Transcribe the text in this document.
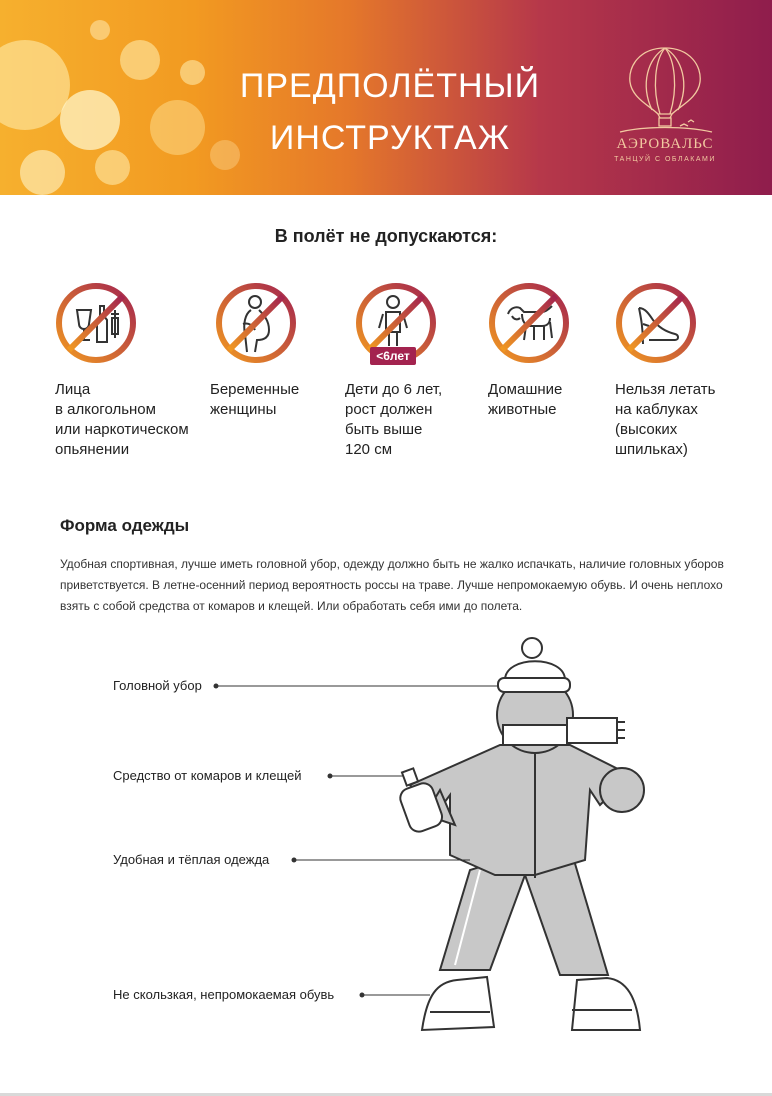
ПРЕДПОЛЁТНЫЙ
ИНСТРУКТАЖ	АЭРОВАЛЬС
ТАНЦУЙ С ОБЛАКАМИ
В полёт не допускаются:
<6лет
Лица
в алкогольном
или наркотическом
опьянении
Беременные
женщины
Дети до 6 лет,
рост должен
быть выше
120 см
Домашние
животные
Нельзя летать
на каблуках
(высоких
шпильках)
Форма одежды
Удобная спортивная, лучше иметь головной убор, одежду должно быть не жалко испачкать, наличие головных уборов приветствуется. В летне-осенний период вероятность россы на траве. Лучше непромокаемую обувь. И очень неплохо взять с собой средства от комаров и клещей. Или обработать себя ими до полета.
Головной убор
Средство от комаров и клещей
Удобная и тёплая одежда
Не скользкая, непромокаемая обувь
